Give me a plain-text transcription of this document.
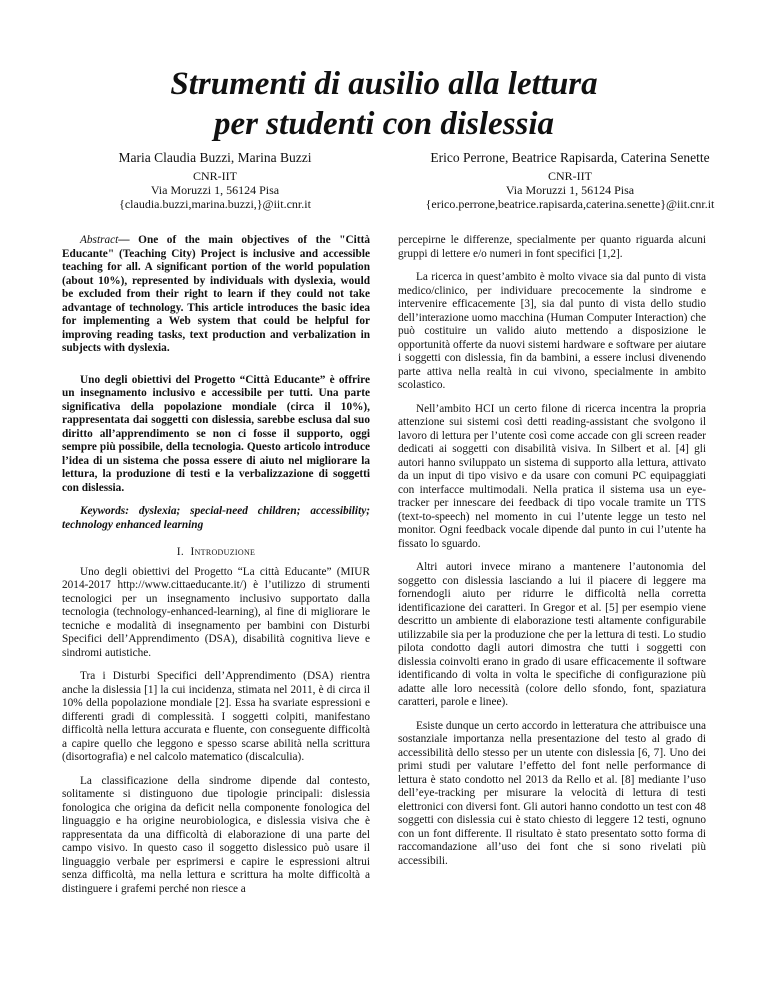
Strumenti di ausilio alla lettura
per studenti con dislessia
Maria Claudia Buzzi, Marina Buzzi
CNR-IIT
Via Moruzzi 1, 56124 Pisa
{claudia.buzzi,marina.buzzi,}@iit.cnr.it
Erico Perrone, Beatrice Rapisarda, Caterina Senette
CNR-IIT
Via Moruzzi 1, 56124 Pisa
{erico.perrone,beatrice.rapisarda,caterina.senette}@iit.cnr.it

Abstract— One of the main objectives of the "Città Educante" (Teaching City) Project is inclusive and accessible teaching for all. A significant portion of the world population (about 10%), represented by individuals with dyslexia, would be excluded from their right to learn if they could not take advantage of technology. This article introduces the basic idea for implementing a Web system that could be helpful for improving reading tasks, text production and verbalization in subjects with dyslexia.

Uno degli obiettivi del Progetto “Città Educante” è offrire un insegnamento inclusivo e accessibile per tutti. Una parte significativa della popolazione mondiale (circa il 10%), rappresentata dai soggetti con dislessia, sarebbe esclusa dal suo diritto all’apprendimento se non ci fosse il supporto, oggi sempre più possibile, della tecnologia. Questo articolo introduce l’idea di un sistema che possa essere di aiuto nel migliorare la lettura, la produzione di testi e la verbalizzazione di soggetti con dislessia.

Keywords: dyslexia; special-need children; accessibility; technology enhanced learning

I. Introduzione

Uno degli obiettivi del Progetto “La città Educante” (MIUR 2014-2017 http://www.cittaeducante.it/) è l’utilizzo di strumenti tecnologici per un insegnamento inclusivo supportato dalla tecnologia (technology-enhanced-learning), al fine di migliorare le tecniche e modalità di insegnamento per bambini con Disturbi Specifici dell’Apprendimento (DSA), disabilità cognitiva lieve e sindromi autistiche.

Tra i Disturbi Specifici dell’Apprendimento (DSA) rientra anche la dislessia [1] la cui incidenza, stimata nel 2011, è di circa il 10% della popolazione mondiale [2]. Essa ha svariate espressioni e differenti gradi di complessità. I soggetti colpiti, manifestano difficoltà nella lettura accurata e fluente, con conseguente difficoltà a capire quello che leggono e spesso scarse abilità nella scrittura (disortografia) e nel calcolo matematico (discalculia).

La classificazione della sindrome dipende dal contesto, solitamente si distinguono due tipologie principali: dislessia fonologica che origina da deficit nella componente fonologica del linguaggio e ha origine neurobiologica, e dislessia visiva che è rappresentata da una difficoltà di elaborazione di una parte del campo visivo. In questo caso il soggetto dislessico può usare il linguaggio verbale per esprimersi e capire le espressioni altrui senza difficoltà, ma nella lettura e scrittura ha molte difficoltà a distinguere i grafemi perché non riesce a

percepirne le differenze, specialmente per quanto riguarda alcuni gruppi di lettere e/o numeri in font specifici [1,2].

La ricerca in quest’ambito è molto vivace sia dal punto di vista medico/clinico, per individuare precocemente la sindrome e intervenire efficacemente [3], sia dal punto di vista dello studio dell’interazione uomo macchina (Human Computer Interaction) che può costituire un valido aiuto mettendo a disposizione le opportunità offerte da nuovi sistemi hardware e software per aiutare i soggetti con dislessia, fin da bambini, a essere inclusi divenendo parte attiva nella realtà in cui vivono, specialmente in ambito scolastico.

Nell’ambito HCI un certo filone di ricerca incentra la propria attenzione sui sistemi così detti reading-assistant che svolgono il lavoro di lettura per l’utente così come accade con gli screen reader dedicati ai soggetti con disabilità visiva. In Silbert et al. [4] gli autori hanno sviluppato un sistema di supporto alla lettura, attivato da un input di tipo visivo e da usare con comuni PC equipaggiati con interfacce multimodali. Nella pratica il sistema usa un eye-tracker per innescare dei feedback di tipo vocale tramite un TTS (text-to-speech) nel momento in cui l’utente legge un testo nel monitor. Ogni feedback vocale dipende dal punto in cui l’utente ha fissato lo sguardo.

Altri autori invece mirano a mantenere l’autonomia del soggetto con dislessia lasciando a lui il piacere di leggere ma fornendogli aiuto per ridurre le difficoltà nella corretta identificazione dei caratteri. In Gregor et al. [5] per esempio viene descritto un ambiente di elaborazione testi altamente configurabile utilizzabile sia per la produzione che per la lettura di testi. Lo studio pilota condotto dagli autori dimostra che tutti i soggetti con dislessia coinvolti erano in grado di usare efficacemente il software identificando di volta in volta le specifiche di configurazione più adatte alle loro necessità (colore dello sfondo, font, spaziatura caratteri, parole e linee).

Esiste dunque un certo accordo in letteratura che attribuisce una sostanziale importanza nella presentazione del testo al grado di accessibilità dello stesso per un utente con dislessia [6, 7]. Uno dei primi studi per valutare l’effetto del font nelle performance di lettura è stato condotto nel 2013 da Rello et al. [8] mediante l’uso dell’eye-tracking per misurare la velocità di lettura di testi elettronici con diversi font. Gli autori hanno condotto un test con 48 soggetti con dislessia cui è stato chiesto di leggere 12 testi, ognuno con un font differente. Il risultato è stato presentato sotto forma di raccomandazione all’uso dei font che si sono rivelati più accessibili.
